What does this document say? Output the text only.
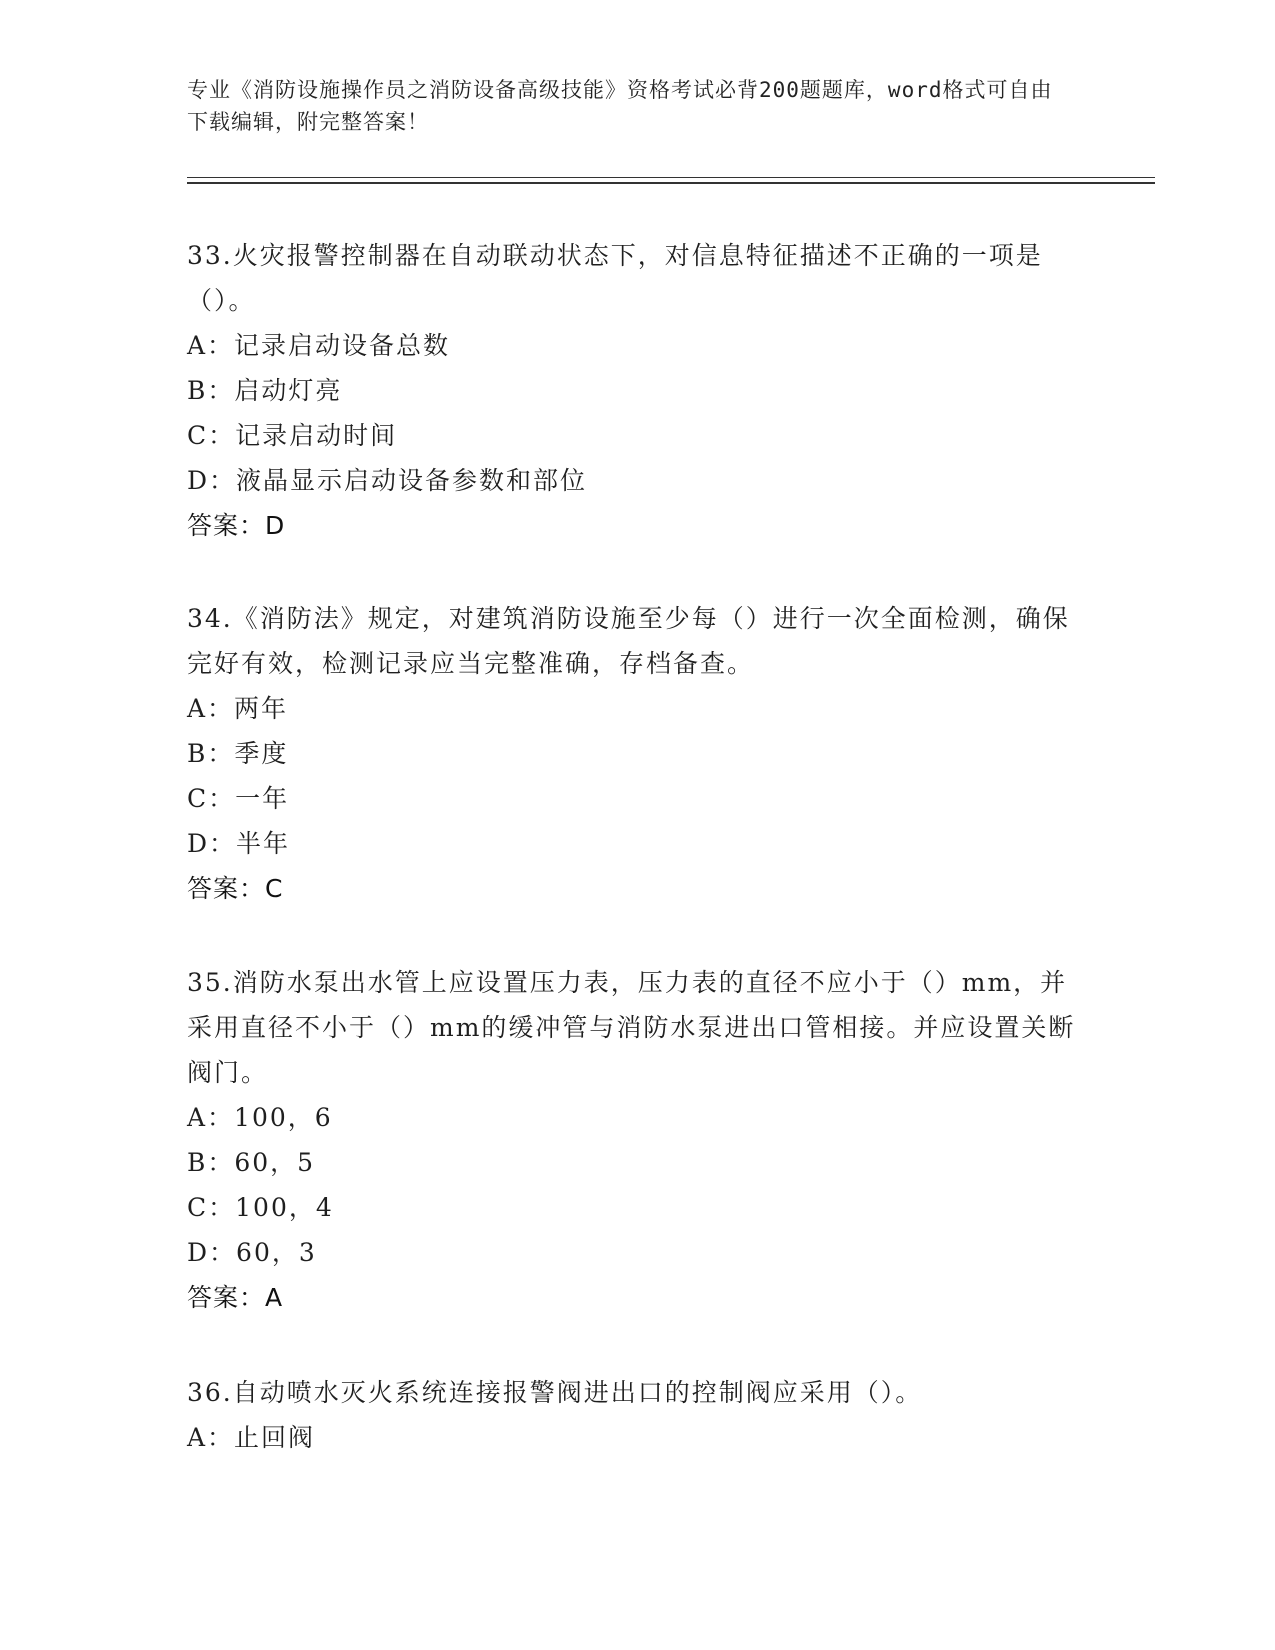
专业《消防设施操作员之消防设备高级技能》资格考试必背200题题库，word格式可自由下载编辑，附完整答案！

33.火灾报警控制器在自动联动状态下，对信息特征描述不正确的一项是（）。

A：记录启动设备总数

B：启动灯亮

C：记录启动时间

D：液晶显示启动设备参数和部位

答案：D

34.《消防法》规定，对建筑消防设施至少每（）进行一次全面检测，确保完好有效，检测记录应当完整准确，存档备查。

A：两年

B：季度

C：一年

D：半年

答案：C

35.消防水泵出水管上应设置压力表，压力表的直径不应小于（）mm，并采用直径不小于（）mm的缓冲管与消防水泵进出口管相接。并应设置关断阀门。

A：100，6

B：60，5

C：100，4

D：60，3

答案：A

36.自动喷水灭火系统连接报警阀进出口的控制阀应采用（）。

A：止回阀
